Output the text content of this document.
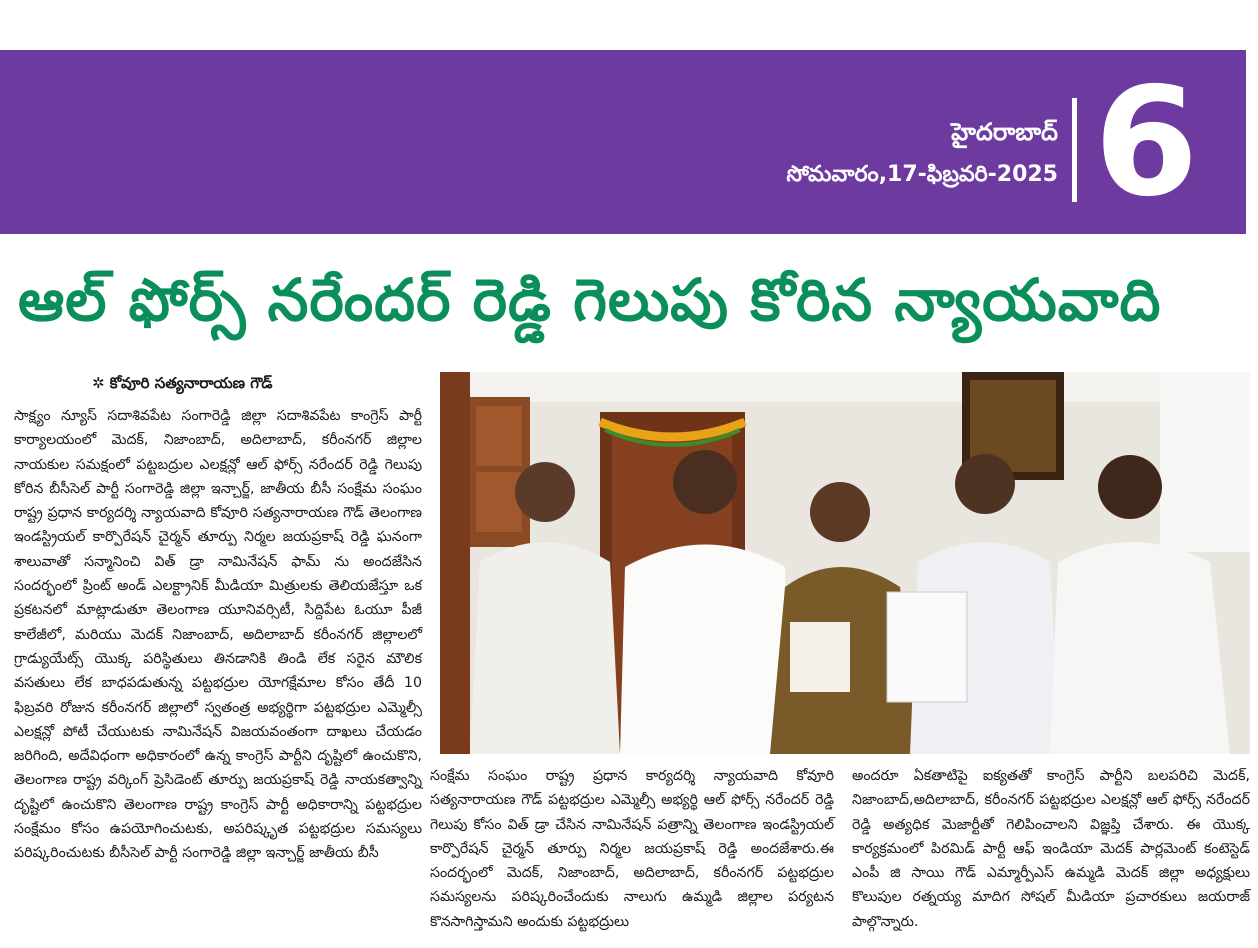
హైదరాబాద్
సోమవారం,17-ఫిబ్రవరి-2025 6
ఆల్ ఫోర్స్ నరేందర్ రెడ్డి గెలుపు కోరిన న్యాయవాది
✲ కోవూరి సత్యనారాయణ గౌడ్
సాక్ష్యం న్యూస్ సదాశివపేట సంగారెడ్డి జిల్లా సదాశివపేట కాంగ్రెస్ పార్టీ కార్యాలయంలో మెదక్, నిజాంబాద్, అదిలాబాద్, కరీంనగర్ జిల్లాల నాయకుల సమక్షంలో పట్టబద్రుల ఎలక్షన్లో ఆల్ ఫోర్స్ నరేందర్ రెడ్డి గెలుపు కోరిన బీసీసెల్ పార్టీ సంగారెడ్డి జిల్లా ఇన్చార్జ్, జాతీయ బీసీ సంక్షేమ సంఘం రాష్ట్ర ప్రధాన కార్యదర్శి న్యాయవాది కోవూరి సత్యనారాయణ గౌడ్ తెలంగాణ ఇండస్ట్రియల్ కార్పొరేషన్ చైర్మన్ తూర్పు నిర్మల జయప్రకాష్ రెడ్డి ఘనంగా శాలువాతో సన్మానించి విత్ డ్రా నామినేషన్ ఫామ్ ను అందజేసిన సందర్భంలో ప్రింట్ అండ్ ఎలక్ట్రానిక్ మీడియా మిత్రులకు తెలియజేస్తూ ఒక ప్రకటనలో మాట్లాడుతూ తెలంగాణ యూనివర్సిటీ, సిద్దిపేట ఓయూ పీజీ కాలేజీలో, మరియు మెదక్ నిజాంబాద్, అదిలాబాద్ కరీంనగర్ జిల్లాలలో గ్రాడ్యుయేట్స్ యొక్క పరిస్థితులు తినడానికి తిండి లేక సరైన మౌలిక వసతులు లేక బాధపడుతున్న పట్టభద్రుల యోగక్షేమాల కోసం తేదీ 10 ఫిబ్రవరి రోజున కరీంనగర్ జిల్లాలో స్వతంత్ర అభ్యర్థిగా పట్టభద్రుల ఎమ్మెల్సీ ఎలక్షన్లో పోటీ చేయుటకు నామినేషన్ విజయవంతంగా దాఖలు చేయడం జరిగింది, అదేవిధంగా అధికారంలో ఉన్న కాంగ్రెస్ పార్టీని దృష్టిలో ఉంచుకొని, తెలంగాణ రాష్ట్ర వర్కింగ్ ప్రెసిడెంట్ తూర్పు జయప్రకాష్ రెడ్డి నాయకత్వాన్ని దృష్టిలో ఉంచుకొని తెలంగాణ రాష్ట్ర కాంగ్రెస్ పార్టీ అధికారాన్ని పట్టభద్రుల సంక్షేమం కోసం ఉపయోగించుటకు, అపరిష్కృత పట్టభద్రుల సమస్యలు పరిష్కరించుటకు బీసీసెల్ పార్టీ సంగారెడ్డి జిల్లా ఇన్చార్జ్ జాతీయ బీసీ
సంక్షేమ సంఘం రాష్ట్ర ప్రధాన కార్యదర్శి న్యాయవాది కోవూరి సత్యనారాయణ గౌడ్ పట్టభద్రుల ఎమ్మెల్సీ అభ్యర్థి ఆల్ ఫోర్స్ నరేందర్ రెడ్డి గెలుపు కోసం విత్ డ్రా చేసిన నామినేషన్ పత్రాన్ని తెలంగాణ ఇండస్ట్రియల్ కార్పొరేషన్ చైర్మన్ తూర్పు నిర్మల జయప్రకాష్ రెడ్డి అందజేశారు.ఈ సందర్భంలో మెదక్, నిజాంబాద్, అదిలాబాద్, కరీంనగర్ పట్టభద్రుల సమస్యలను పరిష్కరించేందుకు నాలుగు ఉమ్మడి జిల్లాల పర్యటన కొనసాగిస్తామని అందుకు పట్టభద్రులు
అందరూ ఏకతాటిపై ఐక్యతతో కాంగ్రెస్ పార్టీని బలపరిచి మెదక్, నిజాంబాద్,అదిలాబాద్, కరీంనగర్ పట్టభద్రుల ఎలక్షన్లో ఆల్ ఫోర్స్ నరేందర్ రెడ్డి అత్యధిక మెజార్టీతో గెలిపించాలని విజ్ఞప్తి చేశారు. ఈ యొక్క కార్యక్రమంలో పిరమిడ్ పార్టీ ఆఫ్ ఇండియా మెదక్ పార్లమెంట్ కంటెస్టెడ్ ఎంపీ జి సాయి గౌడ్ ఎమ్మార్పీఎస్ ఉమ్మడి మెదక్ జిల్లా అధ్యక్షులు కొలుపుల రత్నయ్య మాదిగ సోషల్ మీడియా ప్రచారకులు జయరాజ్ పాల్గొన్నారు.
